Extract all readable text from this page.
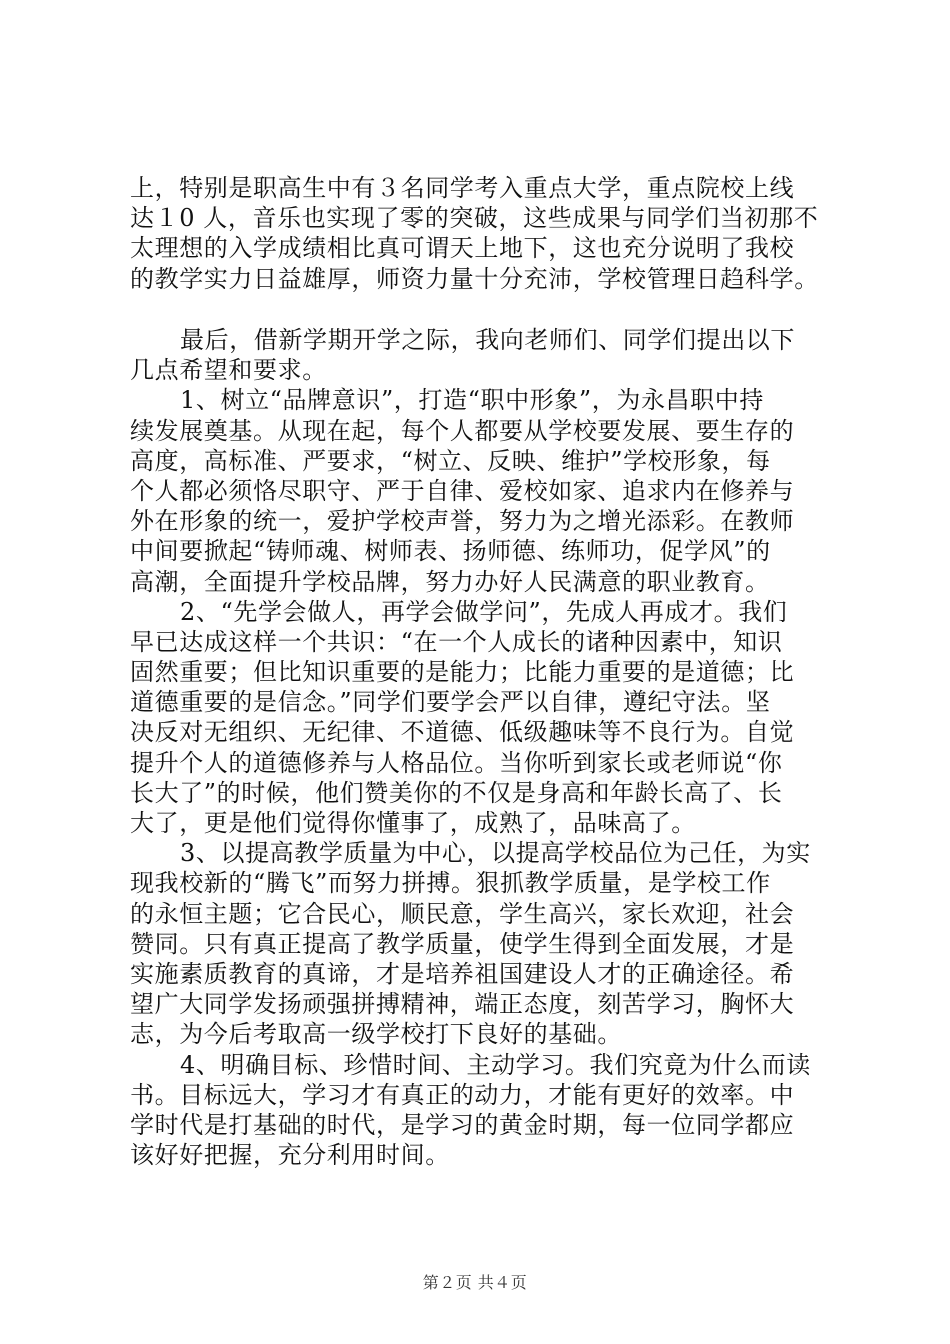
上，特别是职高生中有３名同学考入重点大学，重点院校上线
达１0 人，音乐也实现了零的突破，这些成果与同学们当初那不
太理想的入学成绩相比真可谓天上地下，这也充分说明了我校
的教学实力日益雄厚，师资力量十分充沛，学校管理日趋科学。
最后，借新学期开学之际，我向老师们、同学们提出以下
几点希望和要求。
1、树立“品牌意识”，打造“职中形象”，为永昌职中持
续发展奠基。从现在起，每个人都要从学校要发展、要生存的
高度，高标准、严要求，“树立、反映、维护”学校形象，每
个人都必须恪尽职守、严于自律、爱校如家、追求内在修养与
外在形象的统一，爱护学校声誉，努力为之增光添彩。在教师
中间要掀起“铸师魂、树师表、扬师德、练师功，促学风”的
高潮，全面提升学校品牌，努力办好人民满意的职业教育。
2、“先学会做人，再学会做学问”，先成人再成才。我们
早已达成这样一个共识：“在一个人成长的诸种因素中，知识
固然重要；但比知识重要的是能力；比能力重要的是道德；比
道德重要的是信念。”同学们要学会严以自律，遵纪守法。坚
决反对无组织、无纪律、不道德、低级趣味等不良行为。自觉
提升个人的道德修养与人格品位。当你听到家长或老师说“你
长大了”的时候，他们赞美你的不仅是身高和年龄长高了、长
大了，更是他们觉得你懂事了，成熟了，品味高了。
3、以提高教学质量为中心，以提高学校品位为己任，为实
现我校新的“腾飞”而努力拼搏。狠抓教学质量，是学校工作
的永恒主题；它合民心，顺民意，学生高兴，家长欢迎，社会
赞同。只有真正提高了教学质量，使学生得到全面发展，才是
实施素质教育的真谛，才是培养祖国建设人才的正确途径。希
望广大同学发扬顽强拼搏精神，端正态度，刻苦学习，胸怀大
志，为今后考取高一级学校打下良好的基础。
4、明确目标、珍惜时间、主动学习。我们究竟为什么而读
书。目标远大，学习才有真正的动力，才能有更好的效率。中
学时代是打基础的时代，是学习的黄金时期，每一位同学都应
该好好把握，充分利用时间。
第２页 共４页
